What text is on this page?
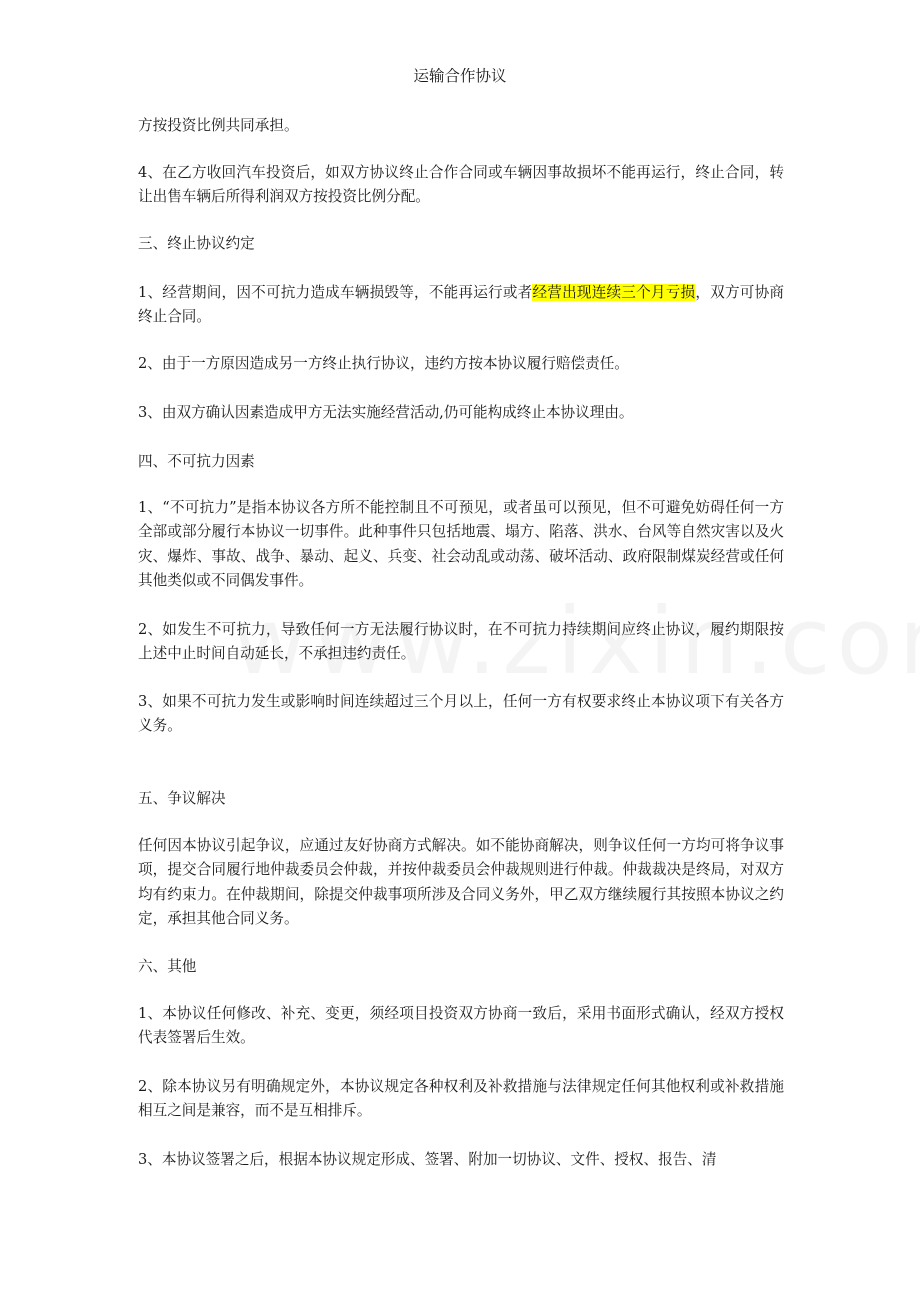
运输合作协议
方按投资比例共同承担。
4、在乙方收回汽车投资后，如双方协议终止合作合同或车辆因事故损坏不能再运行，终止合同，转让出售车辆后所得利润双方按投资比例分配。
三、终止协议约定
1、经营期间，因不可抗力造成车辆损毁等，不能再运行或者经营出现连续三个月亏损，双方可协商终止合同。
2、由于一方原因造成另一方终止执行协议，违约方按本协议履行赔偿责任。
3、由双方确认因素造成甲方无法实施经营活动,仍可能构成终止本协议理由。
四、不可抗力因素
1、“不可抗力”是指本协议各方所不能控制且不可预见，或者虽可以预见，但不可避免妨碍任何一方全部或部分履行本协议一切事件。此种事件只包括地震、塌方、陷落、洪水、台风等自然灾害以及火灾、爆炸、事故、战争、暴动、起义、兵变、社会动乱或动荡、破坏活动、政府限制煤炭经营或任何其他类似或不同偶发事件。
2、如发生不可抗力，导致任何一方无法履行协议时，在不可抗力持续期间应终止协议，履约期限按上述中止时间自动延长，不承担违约责任。
3、如果不可抗力发生或影响时间连续超过三个月以上，任何一方有权要求终止本协议项下有关各方义务。
五、争议解决
任何因本协议引起争议，应通过友好协商方式解决。如不能协商解决，则争议任何一方均可将争议事项，提交合同履行地仲裁委员会仲裁，并按仲裁委员会仲裁规则进行仲裁。仲裁裁决是终局，对双方均有约束力。在仲裁期间，除提交仲裁事项所涉及合同义务外，甲乙双方继续履行其按照本协议之约定，承担其他合同义务。
六、其他
1、本协议任何修改、补充、变更，须经项目投资双方协商一致后，采用书面形式确认，经双方授权代表签署后生效。
2、除本协议另有明确规定外，本协议规定各种权利及补救措施与法律规定任何其他权利或补救措施相互之间是兼容，而不是互相排斥。
3、本协议签署之后，根据本协议规定形成、签署、附加一切协议、文件、授权、报告、清
